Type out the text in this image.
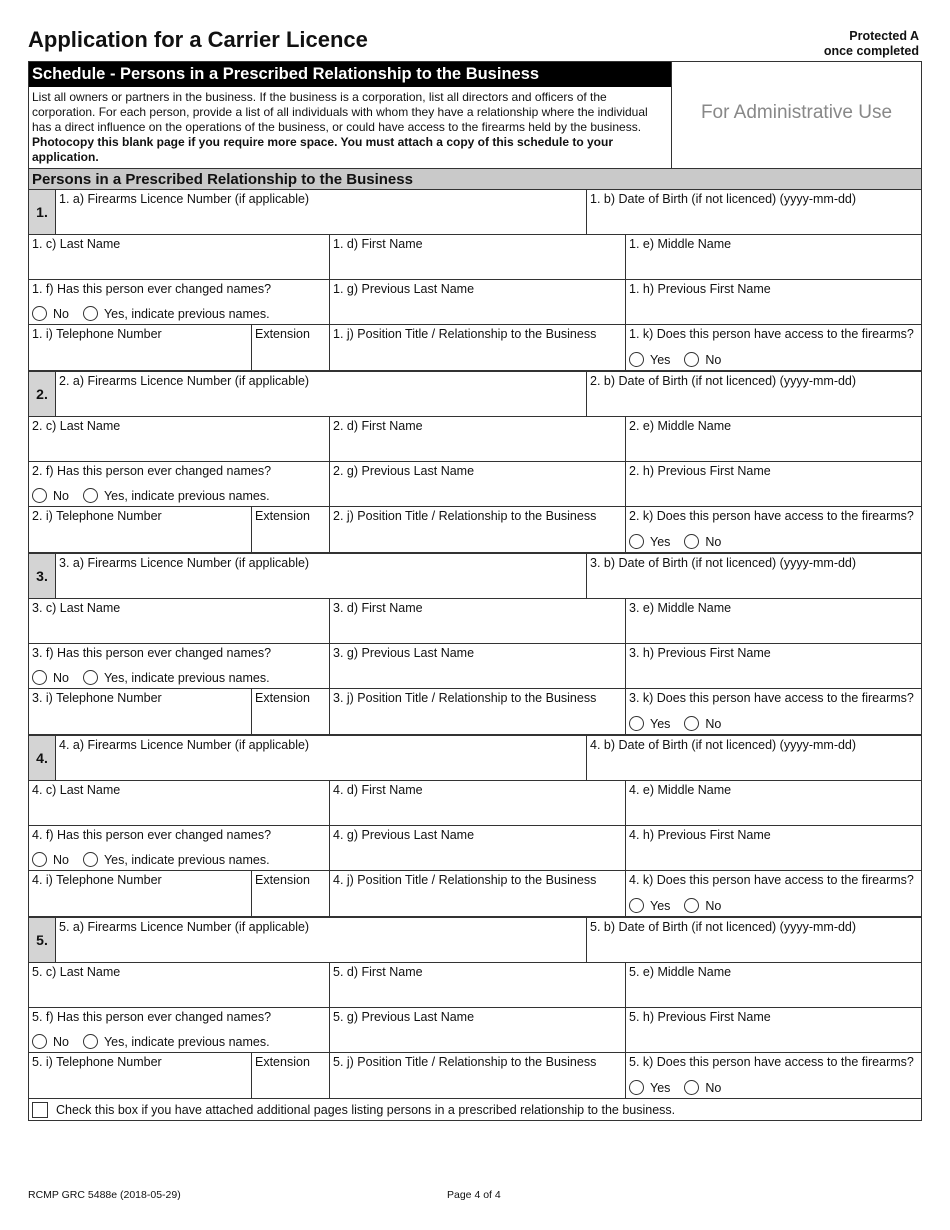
Application for a Carrier Licence	Protected A
once completed
Schedule - Persons in a Prescribed Relationship to the Business
List all owners or partners in the business. If the business is a corporation, list all directors and officers of the corporation. For each person, provide a list of all individuals with whom they have a relationship where the individual has a direct influence on the operations of the business, or could have access to the firearms held by the business. Photocopy this blank page if you require more space. You must attach a copy of this schedule to your application.
For Administrative Use
Persons in a Prescribed Relationship to the Business
1.
1. a) Firearms Licence Number (if applicable)	1. b) Date of Birth (if not licenced) (yyyy-mm-dd)
1. c) Last Name	1. d) First Name	1. e) Middle Name
1. f) Has this person ever changed names?
No	Yes, indicate previous names.
1. g) Previous Last Name	1. h) Previous First Name
1. i) Telephone Number	Extension	1. j) Position Title / Relationship to the Business	1. k) Does this person have access to the firearms?
Yes	No
2.
2. a) Firearms Licence Number (if applicable)	2. b) Date of Birth (if not licenced) (yyyy-mm-dd)
2. c) Last Name	2. d) First Name	2. e) Middle Name
2. f) Has this person ever changed names?
No	Yes, indicate previous names.
2. g) Previous Last Name	2. h) Previous First Name
2. i) Telephone Number	Extension	2. j) Position Title / Relationship to the Business	2. k) Does this person have access to the firearms?
Yes	No
3.
3. a) Firearms Licence Number (if applicable)	3. b) Date of Birth (if not licenced) (yyyy-mm-dd)
3. c) Last Name	3. d) First Name	3. e) Middle Name
3. f) Has this person ever changed names?
No	Yes, indicate previous names.
3. g) Previous Last Name	3. h) Previous First Name
3. i) Telephone Number	Extension	3. j) Position Title / Relationship to the Business	3. k) Does this person have access to the firearms?
Yes	No
4.
4. a) Firearms Licence Number (if applicable)	4. b) Date of Birth (if not licenced) (yyyy-mm-dd)
4. c) Last Name	4. d) First Name	4. e) Middle Name
4. f) Has this person ever changed names?
No	Yes, indicate previous names.
4. g) Previous Last Name	4. h) Previous First Name
4. i) Telephone Number	Extension	4. j) Position Title / Relationship to the Business	4. k) Does this person have access to the firearms?
Yes	No
5.
5. a) Firearms Licence Number (if applicable)	5. b) Date of Birth (if not licenced) (yyyy-mm-dd)
5. c) Last Name	5. d) First Name	5. e) Middle Name
5. f) Has this person ever changed names?
No	Yes, indicate previous names.
5. g) Previous Last Name	5. h) Previous First Name
5. i) Telephone Number	Extension	5. j) Position Title / Relationship to the Business	5. k) Does this person have access to the firearms?
Yes	No
Check this box if you have attached additional pages listing persons in a prescribed relationship to the business.
RCMP GRC 5488e (2018-05-29)	Page 4 of 4
